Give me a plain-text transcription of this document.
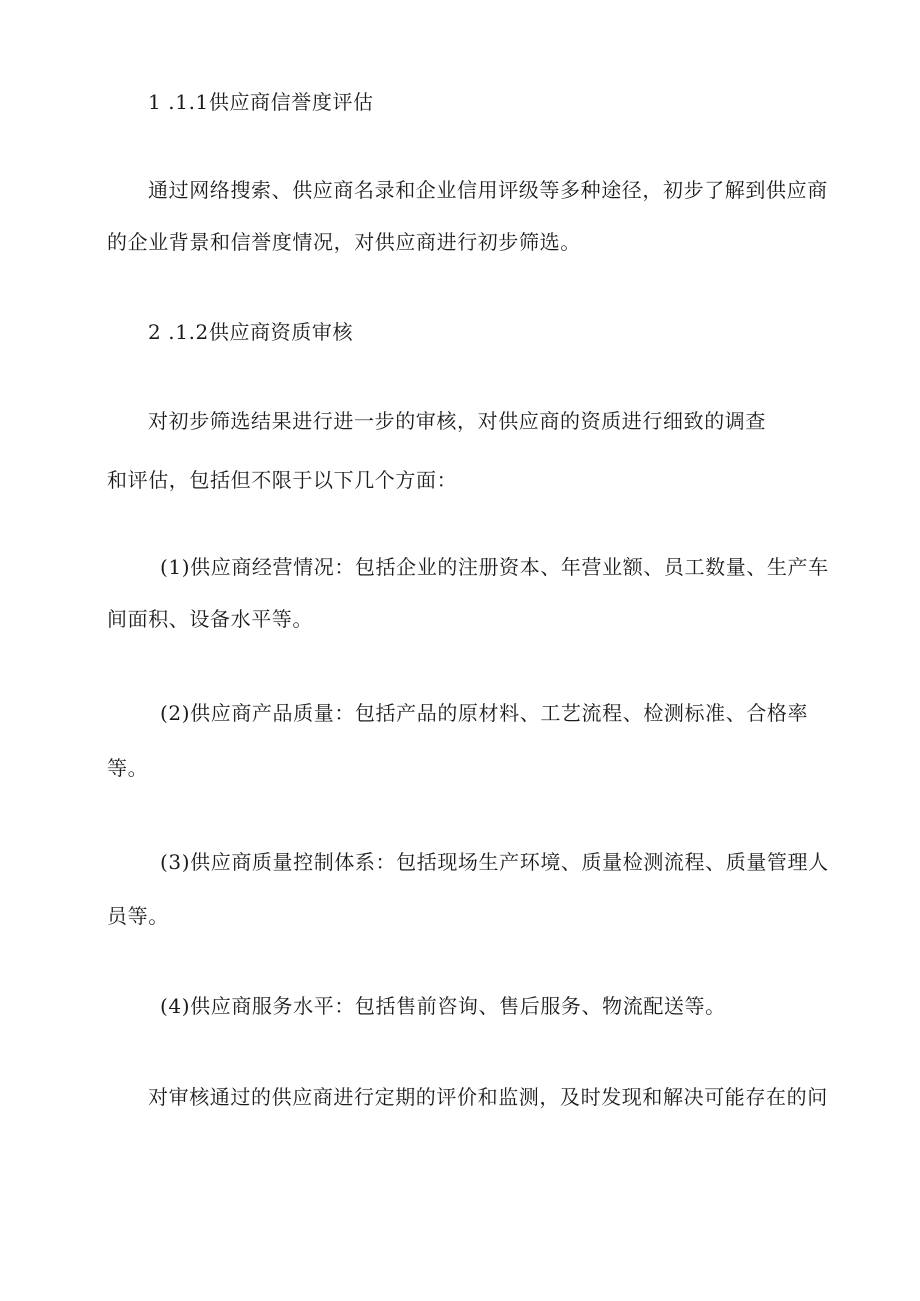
1 .1.1供应商信誉度评估
通过网络搜索、供应商名录和企业信用评级等多种途径，初步了解到供应商
的企业背景和信誉度情况，对供应商进行初步筛选。
2 .1.2供应商资质审核
对初步筛选结果进行进一步的审核，对供应商的资质进行细致的调查
和评估，包括但不限于以下几个方面：
(1)供应商经营情况：包括企业的注册资本、年营业额、员工数量、生产车
间面积、设备水平等。
(2)供应商产品质量：包括产品的原材料、工艺流程、检测标准、合格率
等。
(3)供应商质量控制体系：包括现场生产环境、质量检测流程、质量管理人
员等。
(4)供应商服务水平：包括售前咨询、售后服务、物流配送等。
对审核通过的供应商进行定期的评价和监测，及时发现和解决可能存在的问
